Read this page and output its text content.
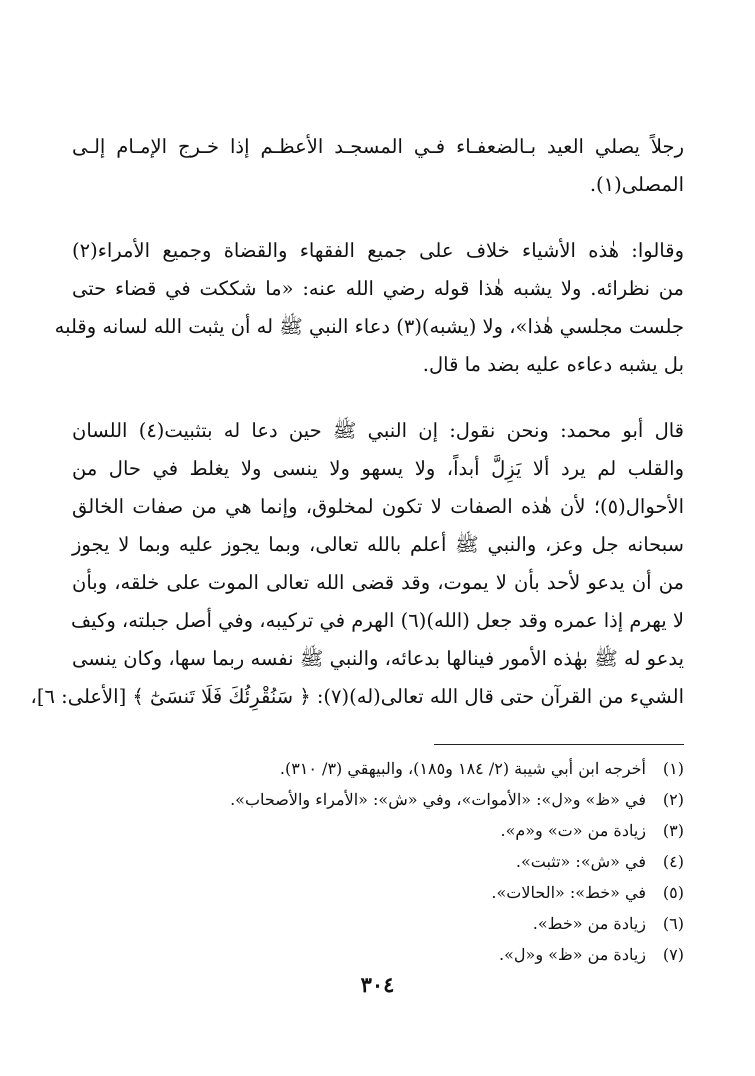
رجلاً يصلي العيد بـالضعفـاء فـي المسجـد الأعظـم إذا خـرج الإمـام إلـى
المصلى(١).

وقالوا: هٰذه الأشياء خلاف على جميع الفقهاء والقضاة وجميع الأمراء(٢)
من نظرائه. ولا يشبه هٰذا قوله رضي الله عنه: «ما شككت في قضاء حتى
جلست مجلسي هٰذا»، ولا (يشبه)(٣) دعاء النبي ﷺ له أن يثبت الله لسانه وقلبه
بل يشبه دعاءه عليه بضد ما قال.

قال أبو محمد: ونحن نقول: إن النبي ﷺ حين دعا له بتثبيت(٤) اللسان
والقلب لم يرد ألا يَزِلَّ أبداً، ولا يسهو ولا ينسى ولا يغلط في حال من
الأحوال(٥)؛ لأن هٰذه الصفات لا تكون لمخلوق، وإنما هي من صفات الخالق
سبحانه جل وعز، والنبي ﷺ أعلم بالله تعالى، وبما يجوز عليه وبما لا يجوز
من أن يدعو لأحد بأن لا يموت، وقد قضى الله تعالى الموت على خلقه، وبأن
لا يهرم إذا عمره وقد جعل (الله)(٦) الهرم في تركيبه، وفي أصل جبلته، وكيف
يدعو له ﷺ بهٰذه الأمور فينالها بدعائه، والنبي ﷺ نفسه ربما سها، وكان ينسى
الشيء من القرآن حتى قال الله تعالى(له)(٧): ﴿ سَنُقْرِئُكَ فَلَا تَنسَىٰٓ ﴾ [الأعلى: ٦]،

(١)
أخرجه ابن أبي شيبة (٢/ ١٨٤ و١٨٥)، والبيهقي (٣/ ٣١٠).
(٢)
في «ظ» و«ل»: «الأموات»، وفي «ش»: «الأمراء والأصحاب».
(٣)
زيادة من «ت» و«م».
(٤)
في «ش»: «تثبت».
(٥)
في «خط»: «الحالات».
(٦)
زيادة من «خط».
(٧)
زيادة من «ظ» و«ل».
٣٠٤
